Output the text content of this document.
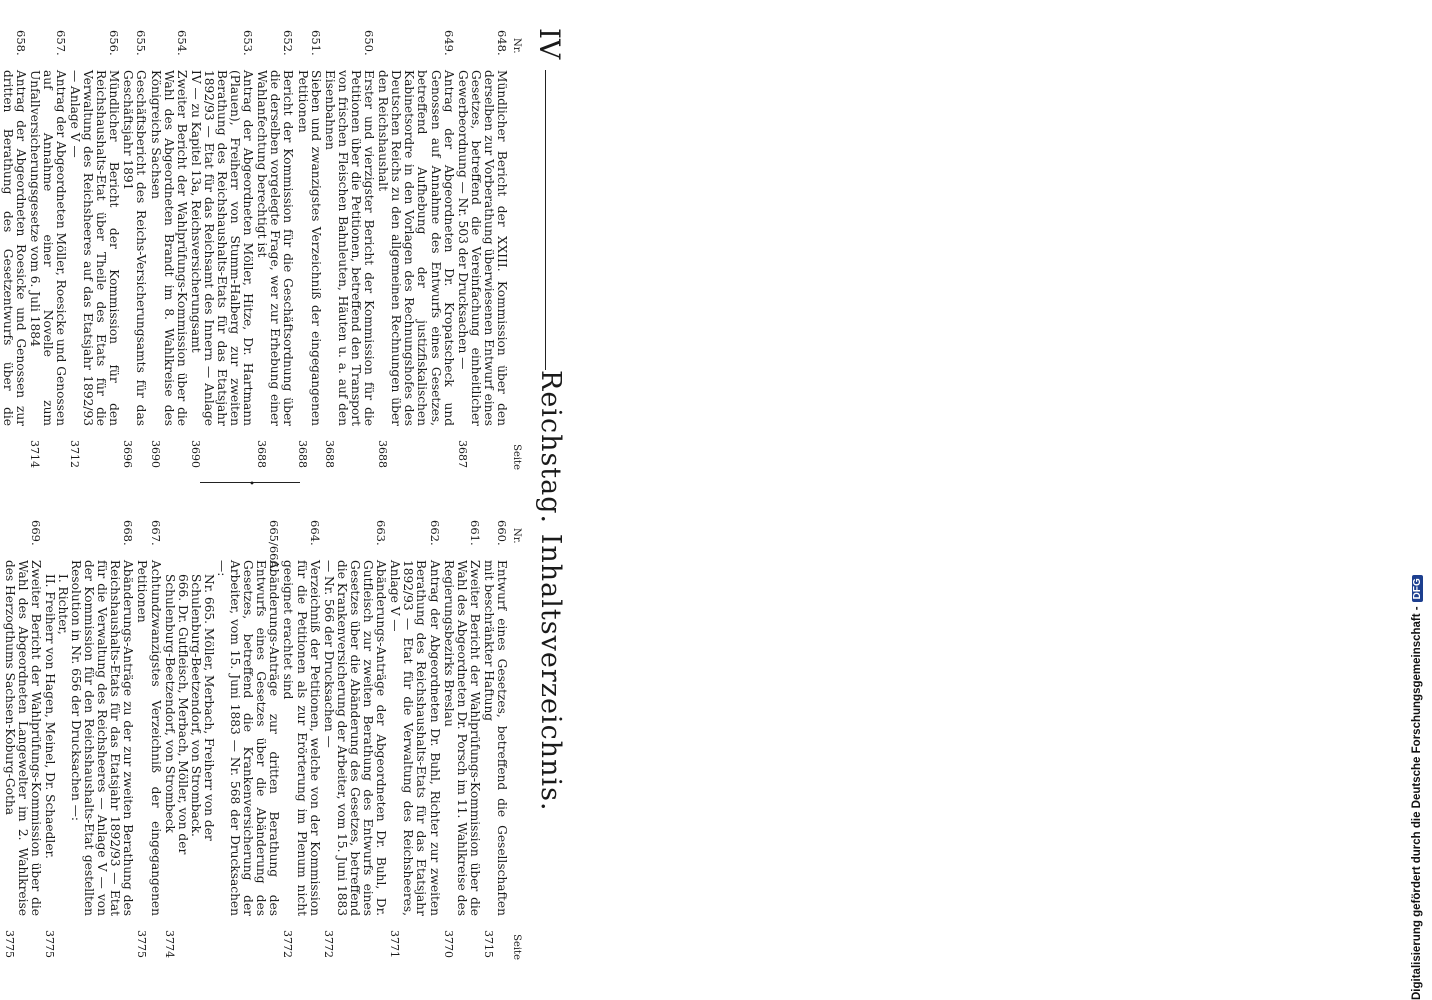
IV
Reichstag. Inhaltsverzeichnis.
Nr.
Seite
648.
Mündlicher Bericht der XXIII. Kommission über den derselben zur Vorberathung überwiesenen Entwurf eines Gesetzes, betreffend die Vereinfachung einheitlicher Gewerbeordnung — Nr. 503 der Drucksachen —
3687
649.
Antrag der Abgeordneten Dr. Kropatscheck und Genossen auf Annahme des Entwurfs eines Gesetzes, betreffend Aufhebung der justizfiskalischen Kabinetsordre in den Vorlagen des Rechnungshofes des Deutschen Reichs zu den allgemeinen Rechnungen über den Reichshaushalt
3688
650.
Erster und vierzigster Bericht der Kommission für die Petitionen über die Petitionen, betreffend den Transport von frischen Fleischen Bahnleuten, Häuten u. a. auf den Eisenbahnen
3688
651.
Sieben und zwanzigstes Verzeichniß der eingegangenen Petitionen
3688
652.
Bericht der Kommission für die Geschäftsordnung über die derselben vorgelegte Frage, wer zur Erhebung einer Wahlanfechtung berechtigt ist
3688
653.
Antrag der Abgeordneten Möller, Hitze, Dr. Hartmann (Plauen), Freiherr von Stumm-Halberg zur zweiten Berathung des Reichshaushalts-Etats für das Etatsjahr 1892/93 — Etat für das Reichsamt des Innern — Anlage IV — zu Kapitel 13a, Reichsversicherungsamt
3690
654.
Zweiter Bericht der Wahlprüfungs-Kommission über die Wahl des Abgeordneten Brandt im 8. Wahlkreise des Königreichs Sachsen
3690
655.
Geschäftsbericht des Reichs-Versicherungsamts für das Geschäftsjahr 1891
3696
656.
Mündlicher Bericht der Kommission für den Reichshaushalts-Etat über Theile des Etats für die Verwaltung des Reichsheeres auf das Etatsjahr 1892/93 — Anlage V —
3712
657.
Antrag der Abgeordneten Möller, Roesicke und Genossen auf Annahme einer Novelle zum Unfallversicherungsgesetze vom 6. Juli 1884
3714
658.
Antrag der Abgeordneten Roesicke und Genossen zur dritten Berathung des Gesetzentwurfs über die
•
Nr.
Seite
660.
Entwurf eines Gesetzes, betreffend die Gesellschaften mit beschränkter Haftung
3715
661.
Zweiter Bericht der Wahlprüfungs-Kommission über die Wahl des Abgeordneten Dr. Porsch im 11. Wahlkreise des Regierungsbezirks Breslau
3770
662.
Antrag der Abgeordneten Dr. Buhl, Richter zur zweiten Berathung des Reichshaushalts-Etats für das Etatsjahr 1892/93 — Etat für die Verwaltung des Reichsheeres, Anlage V —
3771
663.
Abänderungs-Anträge der Abgeordneten Dr. Buhl, Dr. Gutfleisch zur zweiten Berathung des Entwurfs eines Gesetzes über die Abänderung des Gesetzes, betreffend die Krankenversicherung der Arbeiter, vom 15. Juni 1883 — Nr. 566 der Drucksachen —
3772
664.
Verzeichniß der Petitionen, welche von der Kommission für die Petitionen als zur Erörterung im Plenum nicht geeignet erachtet sind
3772
665/666.
Abänderungs-Anträge zur dritten Berathung des Entwurfs eines Gesetzes über die Abänderung des Gesetzes, betreffend die Krankenversicherung der Arbeiter, vom 15. Juni 1883 — Nr. 568 der Drucksachen —:
Nr. 665. Möller, Merbach, Freiherr von der Schulenburg-Beetzendorf, von Stromback.
666. Dr. Gutfleisch, Merbach, Möller, von der Schulenburg-Beetzendorf, von Strombeck
3774
667.
Achtundzwanzigstes Verzeichniß der eingegangenen Petitionen
3775
668.
Abänderungs-Anträge zu der zur zweiten Berathung des Reichshaushalts-Etats für das Etatsjahr 1892/93 — Etat für die Verwaltung des Reichsheeres — Anlage V — von der Kommission für den Reichshaushalts-Etat gestellten Resolution in Nr. 656 der Drucksachen —:
I. Richter,
II. Freiherr von Hagen, Meinel, Dr. Schaedler.
3775
669.
Zweiter Bericht der Wahlprüfungs-Kommission über die Wahl des Abgeordneten Langewelter im 2. Wahlkreise des Herzogthums Sachsen-Koburg-Gotha
3775	Digitalisierung gefördert durch die Deutsche Forschungsgemeinschaft -DFG
